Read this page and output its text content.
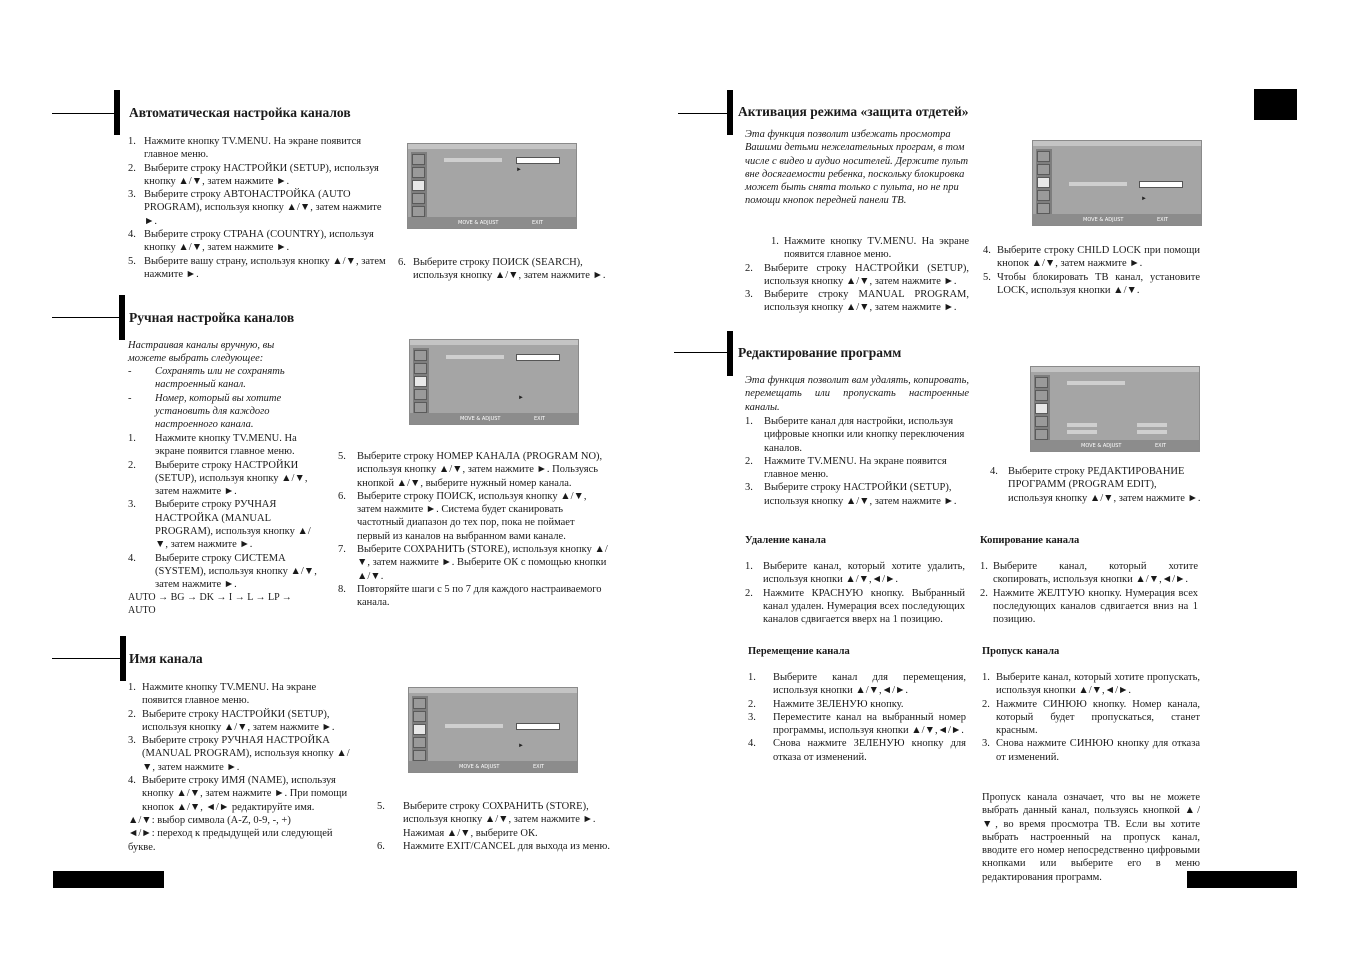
Автоматическая настройка каналов
1. Нажмите кнопку TV.MENU. На экране появится главное меню.
2. Выберите строку НАСТРОЙКИ (SETUP), используя кнопку ▲/▼, затем нажмите ►.
3. Выберите строку АВТОНАСТРОЙКА (AUTO PROGRAM), используя кнопку ▲/▼, затем нажмите ►.
4. Выберите строку СТРАНА (COUNTRY), используя кнопку ▲/▼, затем нажмите ►.
5. Выберите вашу страну, используя кнопку ▲/▼, затем нажмите ►.
►
MOVE & ADJUST	EXIT
6. Выберите строку ПОИСК (SEARCH), используя кнопку ▲/▼, затем нажмите ►.
Ручная настройка каналов
Настраивая каналы вручную, вы можете выбрать следующее:
-	Сохранять или не сохранять настроенный канал.
-	Номер, который вы хотите установить для каждого настроенного канала.
1.	Нажмите кнопку TV.MENU. На экране появится главное меню.
2.	Выберите строку НАСТРОЙКИ (SETUP), используя кнопку ▲/▼, затем нажмите ►.
3.	Выберите строку РУЧНАЯ НАСТРОЙКА (MANUAL PROGRAM), используя кнопку ▲/▼, затем нажмите ►.
4.	Выберите строку СИСТЕМА (SYSTEM), используя кнопку ▲/▼, затем нажмите ►.
AUTO → BG → DK → I → L → LP → AUTO
►
MOVE & ADJUST	EXIT
5.	Выберите строку НОМЕР КАНАЛА (PROGRAM NO), используя кнопку ▲/▼, затем нажмите ►. Пользуясь кнопкой ▲/▼, выберите нужный номер канала.
6.	Выберите строку ПОИСК, используя кнопку ▲/▼, затем нажмите ►. Система будет сканировать частотный диапазон до тех пор, пока не поймает первый из каналов на выбранном вами канале.
7.	Выберите СОХРАНИТЬ (STORE), используя кнопку ▲/▼, затем нажмите ►. Выберите ОК с помощью кнопки ▲/▼.
8.	Повторяйте шаги с 5 по 7 для каждого настраиваемого канала.
Имя канала
1. Нажмите кнопку TV.MENU. На экране появится главное меню.
2. Выберите строку НАСТРОЙКИ (SETUP), используя кнопку ▲/▼, затем нажмите ►.
3. Выберите строку РУЧНАЯ НАСТРОЙКА (MANUAL PROGRAM), используя кнопку ▲/▼, затем нажмите ►.
4. Выберите строку ИМЯ (NAME), используя кнопку ▲/▼, затем нажмите ►. При помощи кнопок ▲/▼, ◄/► редактируйте имя.
▲/▼: выбор символа (A-Z, 0-9, -, +)
◄/►: переход к предыдущей или следующей букве.
►
MOVE & ADJUST	EXIT
5.	Выберите строку СОХРАНИТЬ (STORE), используя кнопку ▲/▼, затем нажмите ►. Нажимая ▲/▼, выберите ОК.
6.	Нажмите EXIT/CANCEL для выхода из меню.
Активация режима «защита отдетей»
Эта функция позволит избежать просмотра Вашими детьми нежелательных програм, в том числе с видео и аудио носителей. Держите пульт вне досягаемости ребенка, поскольку блокировка может быть снята только с пульта, но не при помощи кнопок передней панели ТВ.
1. Нажмите кнопку TV.MENU. На экране появится главное меню.
2.	Выберите строку НАСТРОЙКИ (SETUP), используя кнопку ▲/▼, затем нажмите ►.
3.	Выберите строку MANUAL PROGRAM, используя кнопку ▲/▼, затем нажмите ►.
►
MOVE & ADJUST	EXIT
4. Выберите строку CHILD LOCK при помощи кнопок ▲/▼, затем нажмите ►.
5. Чтобы блокировать ТВ канал, установите LOCK, используя кнопки ▲/▼.
Редактирование программ
Эта функция позволит вам удалять, копировать, перемещать или пропускать настроенные каналы.
1.	Выберите канал для настройки, используя цифровые кнопки или кнопку переключения каналов.
2.	Нажмите TV.MENU. На экране появится главное меню.
3.	Выберите строку НАСТРОЙКИ (SETUP), используя кнопку ▲/▼, затем нажмите ►.
MOVE & ADJUST	EXIT
4. Выберите строку РЕДАКТИРОВАНИЕ ПРОГРАММ (PROGRAM EDIT), используя кнопку ▲/▼, затем нажмите ►.
Удаление канала
1. Выберите канал, который хотите удалить, используя кнопки ▲/▼,◄/►.
2. Нажмите КРАСНУЮ кнопку. Выбранный канал удален. Нумерация всех последующих каналов сдвигается вверх на 1 позицию.
Копирование канала
1. Выберите канал, который хотите скопировать, используя кнопки ▲/▼,◄/►.
2. Нажмите ЖЕЛТУЮ кнопку. Нумерация всех последующих каналов сдвигается вниз на 1 позицию.
Перемещение канала
1.	Выберите канал для перемещения, используя кнопки ▲/▼,◄/►.
2.	Нажмите ЗЕЛЕНУЮ кнопку.
3.	Переместите канал на выбранный номер программы, используя кнопки ▲/▼,◄/►.
4.	Снова нажмите ЗЕЛЕНУЮ кнопку для отказа от изменений.
Пропуск канала
1. Выберите канал, который хотите пропускать, используя кнопки ▲/▼,◄/►.
2. Нажмите СИНЮЮ кнопку. Номер канала, который будет пропускаться, станет красным.
3. Снова нажмите СИНЮЮ кнопку для отказа от изменений.
Пропуск канала означает, что вы не можете выбрать данный канал, пользуясь кнопкой ▲/▼, во время просмотра ТВ. Если вы хотите выбрать настроенный на пропуск канал, вводите его номер непосредственно цифровыми кнопками или выберите его в меню редактирования программ.
